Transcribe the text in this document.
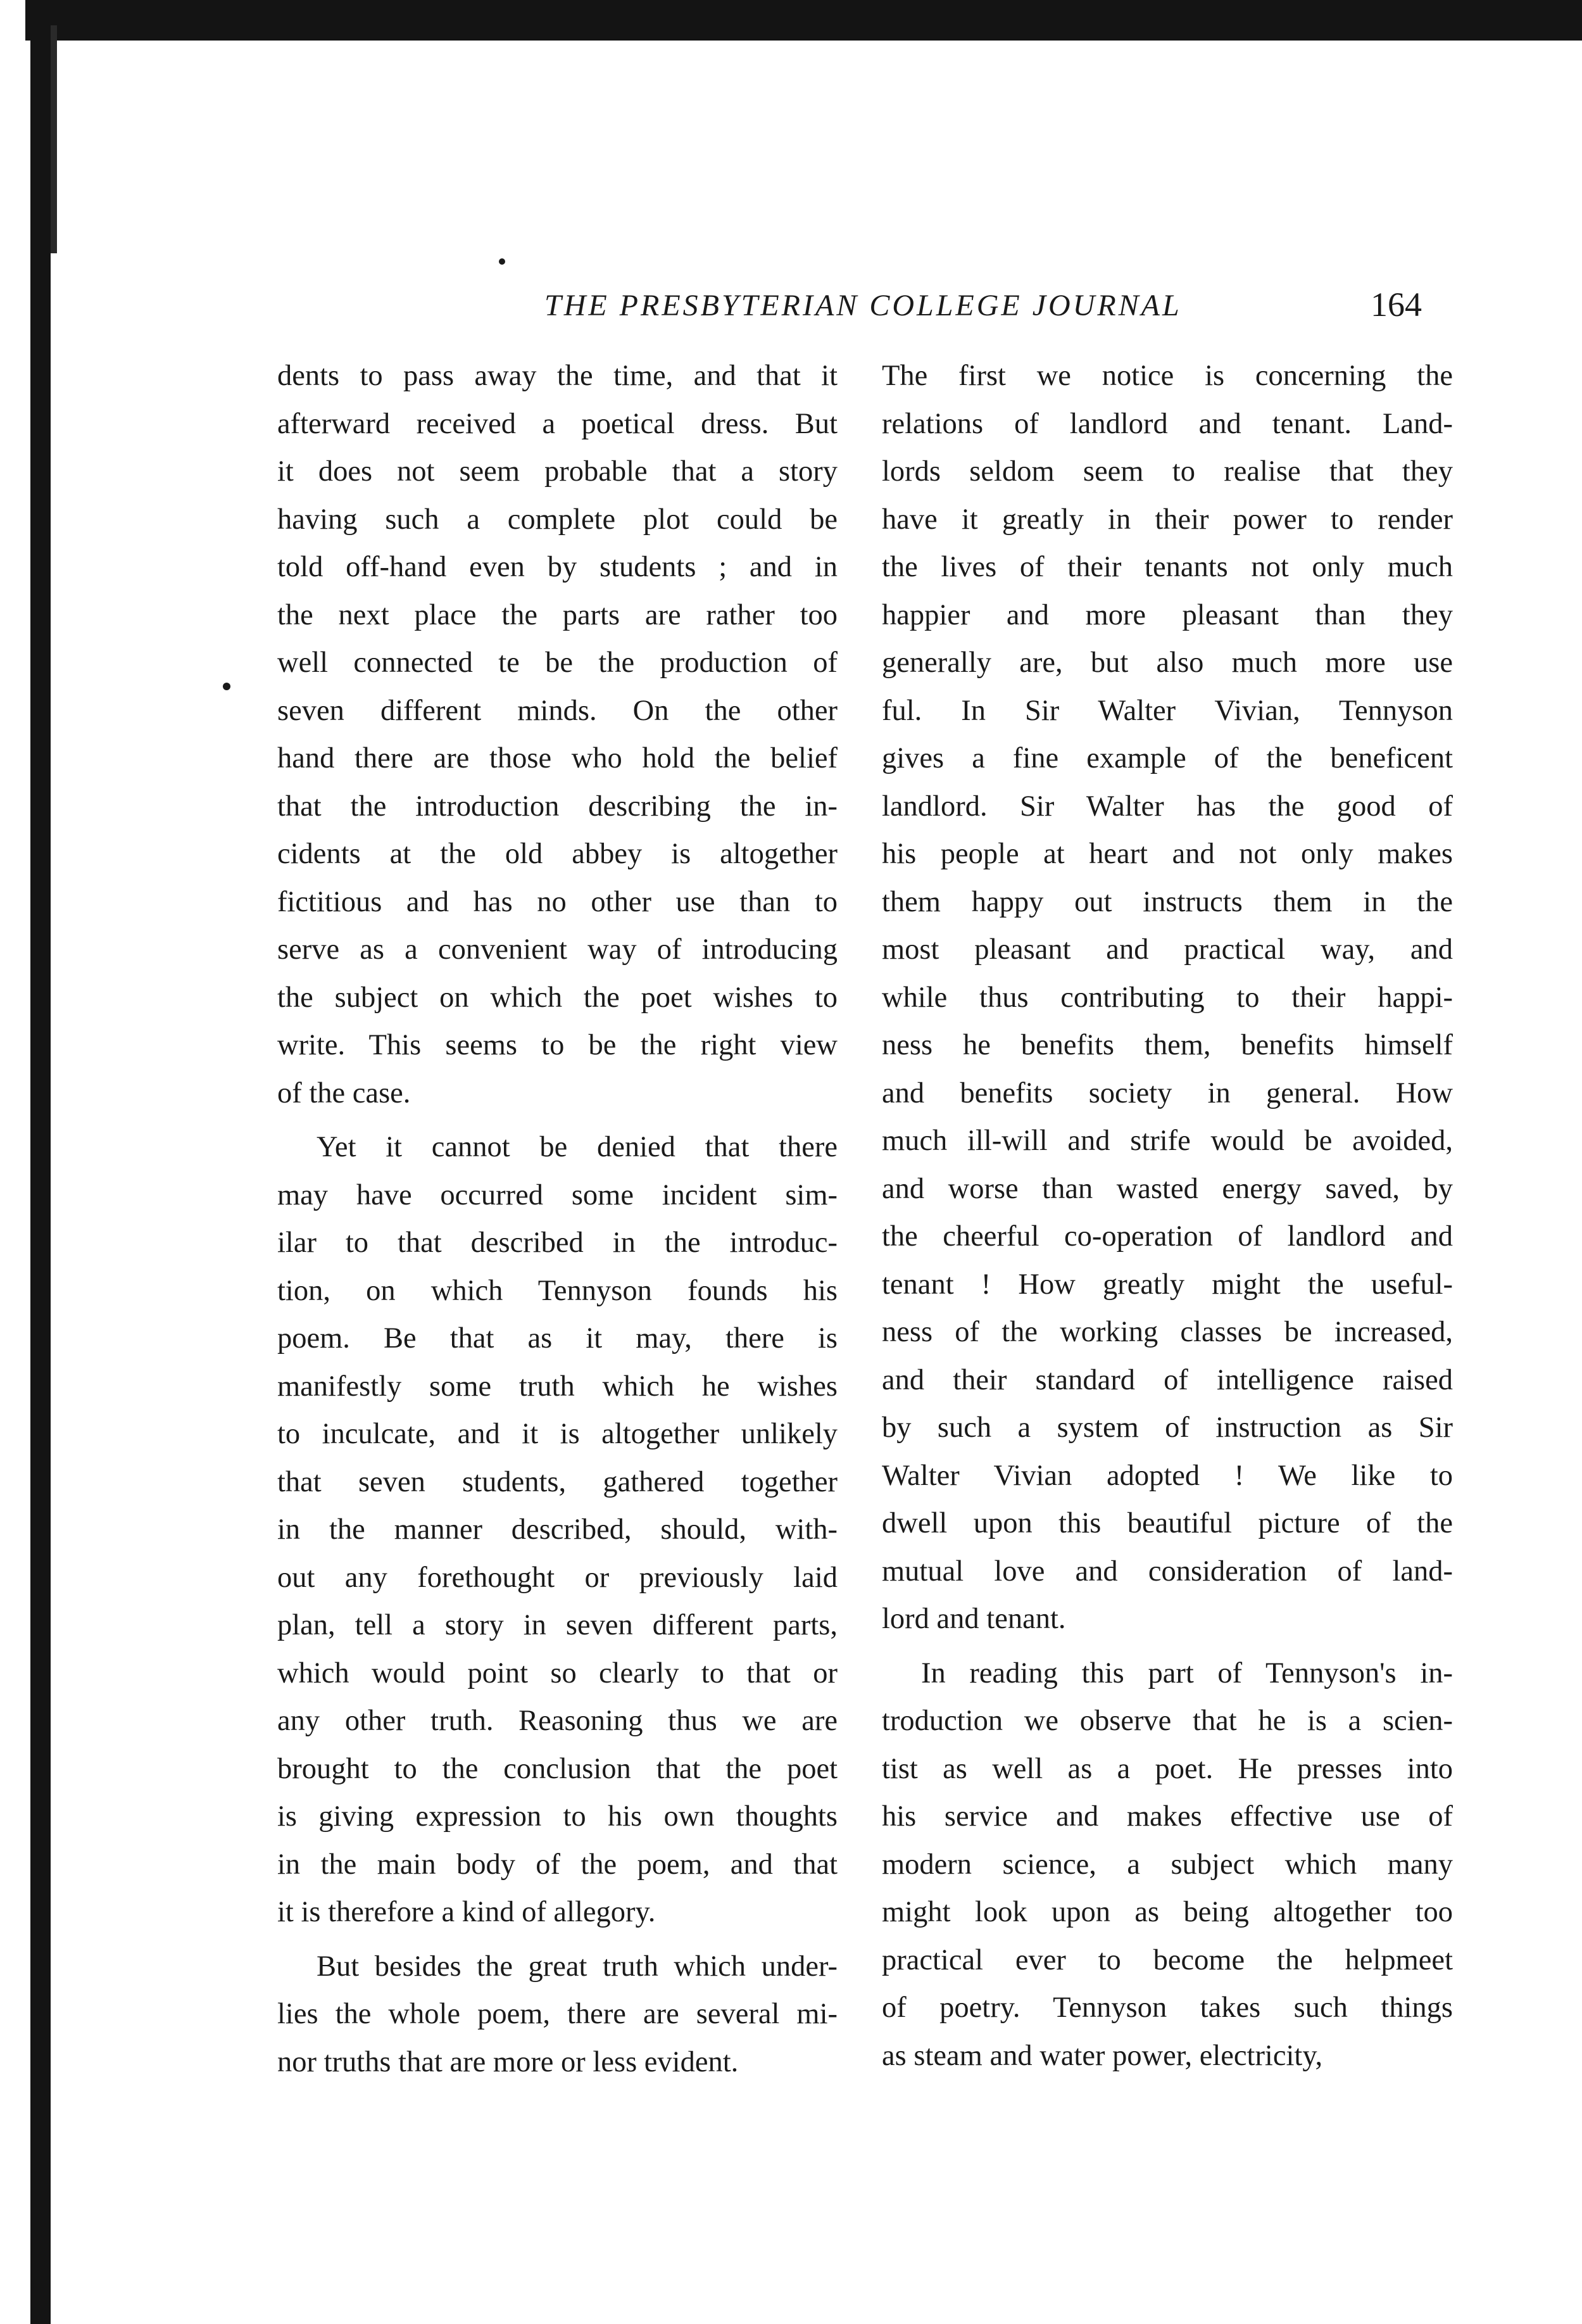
THE PRESBYTERIAN COLLEGE JOURNAL	164
dents to pass away the time, and that it
afterward received a poetical dress. But
it does not seem probable that a story
having such a complete plot could be
told off-hand even by students ; and in
the next place the parts are rather too
well connected te be the production of
seven different minds. On the other
hand there are those who hold the belief
that the introduction describing the in-
cidents at the old abbey is altogether
fictitious and has no other use than to
serve as a convenient way of introducing
the subject on which the poet wishes to
write. This seems to be the right view
of the case.
Yet it cannot be denied that there
may have occurred some incident sim-
ilar to that described in the introduc-
tion, on which Tennyson founds his
poem. Be that as it may, there is
manifestly some truth which he wishes
to inculcate, and it is altogether unlikely
that seven students, gathered together
in the manner described, should, with-
out any forethought or previously laid
plan, tell a story in seven different parts,
which would point so clearly to that or
any other truth. Reasoning thus we are
brought to the conclusion that the poet
is giving expression to his own thoughts
in the main body of the poem, and that
it is therefore a kind of allegory.
But besides the great truth which under-
lies the whole poem, there are several mi-
nor truths that are more or less evident.
The first we notice is concerning the
relations of landlord and tenant. Land-
lords seldom seem to realise that they
have it greatly in their power to render
the lives of their tenants not only much
happier and more pleasant than they
generally are, but also much more use
ful. In Sir Walter Vivian, Tennyson
gives a fine example of the beneficent
landlord. Sir Walter has the good of
his people at heart and not only makes
them happy out instructs them in the
most pleasant and practical way, and
while thus contributing to their happi-
ness he benefits them, benefits himself
and benefits society in general. How
much ill-will and strife would be avoided,
and worse than wasted energy saved, by
the cheerful co-operation of landlord and
tenant ! How greatly might the useful-
ness of the working classes be increased,
and their standard of intelligence raised
by such a system of instruction as Sir
Walter Vivian adopted ! We like to
dwell upon this beautiful picture of the
mutual love and consideration of land-
lord and tenant.
In reading this part of Tennyson's in-
troduction we observe that he is a scien-
tist as well as a poet. He presses into
his service and makes effective use of
modern science, a subject which many
might look upon as being altogether too
practical ever to become the helpmeet
of poetry. Tennyson takes such things
as steam and water power, electricity,
